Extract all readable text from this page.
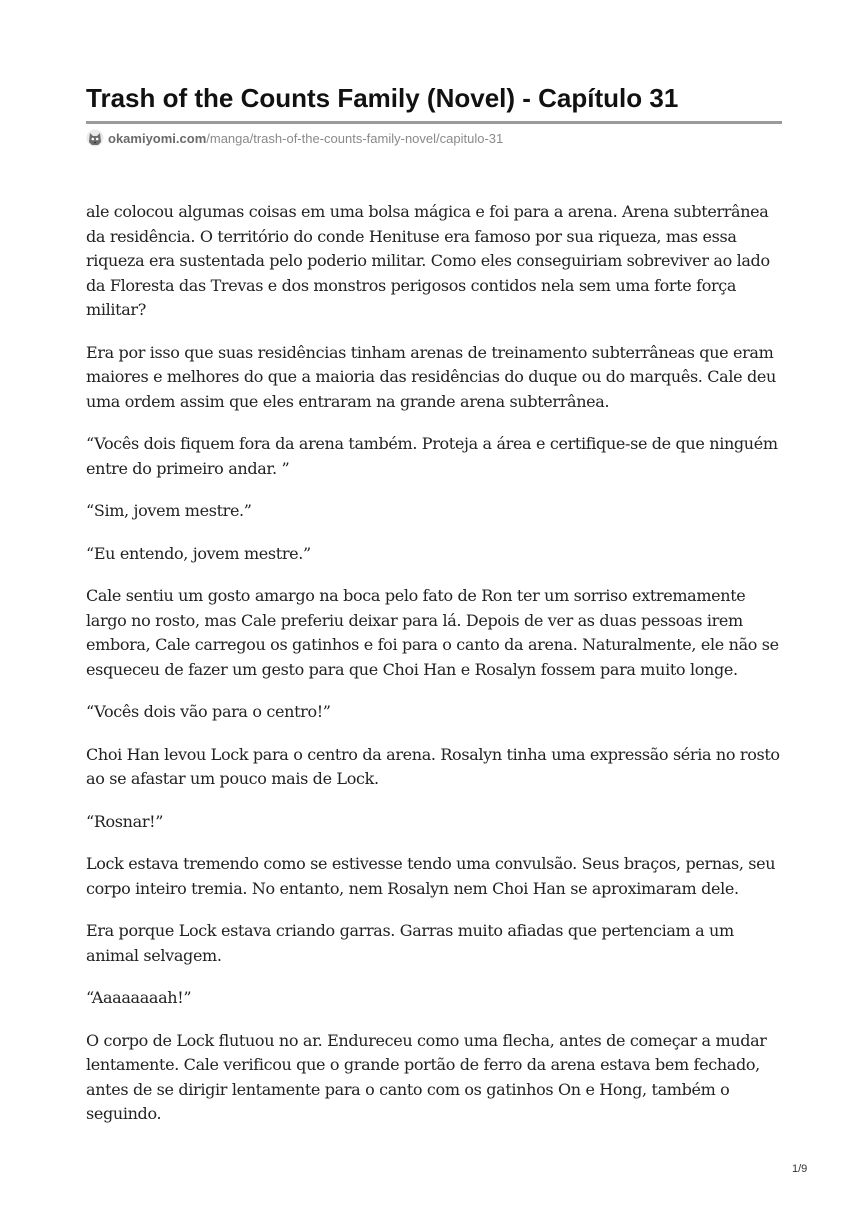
Trash of the Counts Family (Novel) - Capítulo 31
okamiyomi.com /manga/trash-of-the-counts-family-novel/capitulo-31

ale colocou algumas coisas em uma bolsa mágica e foi para a arena. Arena subterrânea da residência. O território do conde Henituse era famoso por sua riqueza, mas essa riqueza era sustentada pelo poderio militar. Como eles conseguiriam sobreviver ao lado da Floresta das Trevas e dos monstros perigosos contidos nela sem uma forte força militar?

Era por isso que suas residências tinham arenas de treinamento subterrâneas que eram maiores e melhores do que a maioria das residências do duque ou do marquês. Cale deu uma ordem assim que eles entraram na grande arena subterrânea.

“Vocês dois fiquem fora da arena também. Proteja a área e certifique-se de que ninguém entre do primeiro andar. ”

“Sim, jovem mestre.”

“Eu entendo, jovem mestre.”

Cale sentiu um gosto amargo na boca pelo fato de Ron ter um sorriso extremamente largo no rosto, mas Cale preferiu deixar para lá. Depois de ver as duas pessoas irem embora, Cale carregou os gatinhos e foi para o canto da arena. Naturalmente, ele não se esqueceu de fazer um gesto para que Choi Han e Rosalyn fossem para muito longe.

“Vocês dois vão para o centro!”

Choi Han levou Lock para o centro da arena. Rosalyn tinha uma expressão séria no rosto ao se afastar um pouco mais de Lock.

“Rosnar!”

Lock estava tremendo como se estivesse tendo uma convulsão. Seus braços, pernas, seu corpo inteiro tremia. No entanto, nem Rosalyn nem Choi Han se aproximaram dele.

Era porque Lock estava criando garras. Garras muito afiadas que pertenciam a um animal selvagem.

“Aaaaaaaah!”

O corpo de Lock flutuou no ar. Endureceu como uma flecha, antes de começar a mudar lentamente. Cale verificou que o grande portão de ferro da arena estava bem fechado, antes de se dirigir lentamente para o canto com os gatinhos On e Hong, também o seguindo.

1/9
